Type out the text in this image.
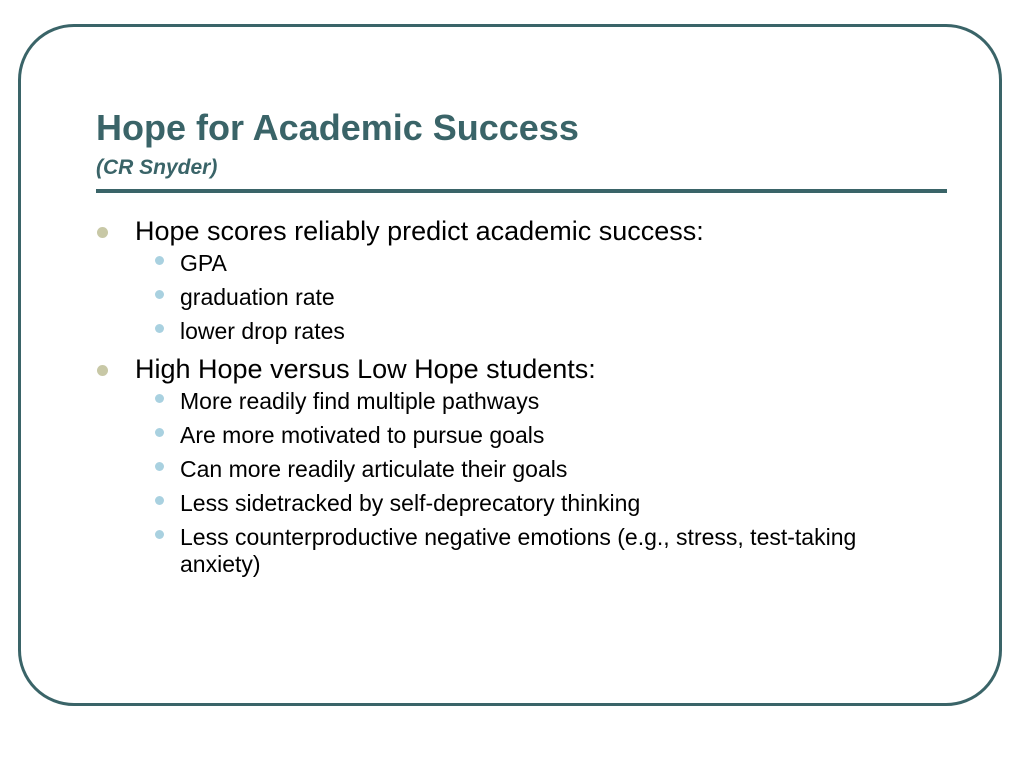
Hope for Academic Success
(CR Snyder)
Hope scores reliably predict academic success:
GPA
graduation rate
lower drop rates
High Hope versus Low Hope students:
More readily find multiple pathways
Are more motivated to pursue goals
Can more readily articulate their goals
Less sidetracked by self-deprecatory thinking
Less counterproductive negative emotions (e.g., stress, test-taking anxiety)
